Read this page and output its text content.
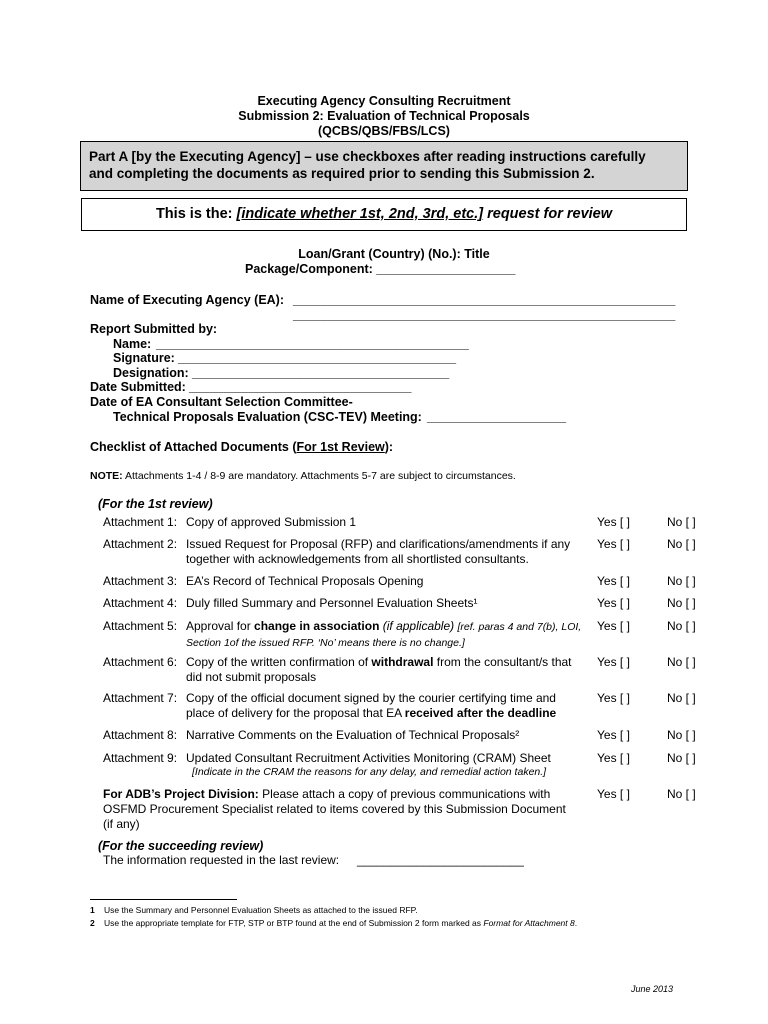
Executing Agency Consulting Recruitment
Submission 2: Evaluation of Technical Proposals
(QCBS/QBS/FBS/LCS)
Part A [by the Executing Agency] – use checkboxes after reading instructions carefully
and completing the documents as required prior to sending this Submission 2.
This is the: [indicate whether 1st, 2nd, 3rd, etc.] request for review
Loan/Grant (Country) (No.): Title
Package/Component: ____________________
Name of Executing Agency (EA): _______________________________________________________
_______________________________________________________
Report Submitted by:
Name: _____________________________________________
Signature: ________________________________________
Designation: _____________________________________
Date Submitted: ________________________________
Date of EA Consultant Selection Committee-
Technical Proposals Evaluation (CSC-TEV) Meeting: ____________________
Checklist of Attached Documents (For 1st Review):
NOTE: Attachments 1-4 / 8-9 are mandatory. Attachments 5-7 are subject to circumstances.
(For the 1st review)
Attachment 1: Copy of approved Submission 1	Yes [ ]	No [ ]
Attachment 2: Issued Request for Proposal (RFP) and clarifications/amendments if any together with acknowledgements from all shortlisted consultants.
Yes [ ]	No [ ]
Attachment 3: EA’s Record of Technical Proposals Opening	Yes [ ]	No [ ]
Attachment 4: Duly filled Summary and Personnel Evaluation Sheets¹	Yes [ ]	No [ ]
Attachment 5: Approval for change in association (if applicable) [ref. paras 4 and 7(b), LOI, Section 1of the issued RFP. ‘No’ means there is no change.]
Yes [ ]	No [ ]
Attachment 6: Copy of the written confirmation of withdrawal from the consultant/s that did not submit proposals
Yes [ ]	No [ ]
Attachment 7: Copy of the official document signed by the courier certifying time and place of delivery for the proposal that EA received after the deadline
Yes [ ]	No [ ]
Attachment 8: Narrative Comments on the Evaluation of Technical Proposals²	Yes [ ]	No [ ]
Attachment 9: Updated Consultant Recruitment Activities Monitoring (CRAM) Sheet
[Indicate in the CRAM the reasons for any delay, and remedial action taken.]
Yes [ ]	No [ ]
For ADB’s Project Division: Please attach a copy of previous communications with OSFMD Procurement Specialist related to items covered by this Submission Document (if any)
Yes [ ]	No [ ]
(For the succeeding review)
The information requested in the last review: _________________________
1 Use the Summary and Personnel Evaluation Sheets as attached to the issued RFP.
2 Use the appropriate template for FTP, STP or BTP found at the end of Submission 2 form marked as Format for Attachment 8.
June 2013
